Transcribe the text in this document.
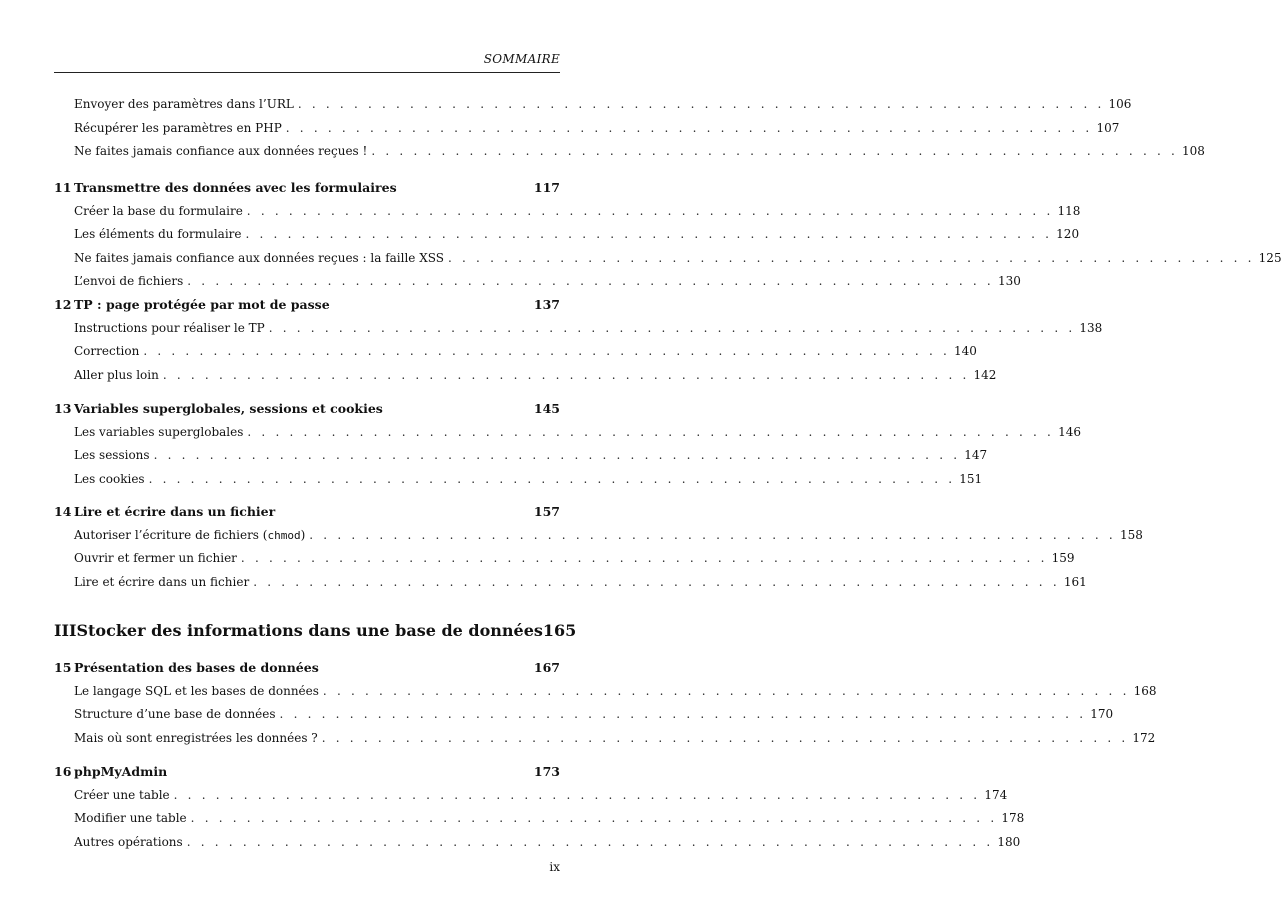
SOMMAIRE
Envoyer des paramètres dans l’URL . . . . . . . . . . . . . . . . . . . . . . . . . . . . . . . . . . . . . . . . . . . . . . . . . . . . . . . . . . 106
Récupérer les paramètres en PHP . . . . . . . . . . . . . . . . . . . . . . . . . . . . . . . . . . . . . . . . . . . . . . . . . . . . . . . . . . 107
Ne faites jamais confiance aux données reçues ! . . . . . . . . . . . . . . . . . . . . . . . . . . . . . . . . . . . . . . . . . . . . . . . . . . . . . . . . . . 108
11 Transmettre des données avec les formulaires	117
Créer la base du formulaire . . . . . . . . . . . . . . . . . . . . . . . . . . . . . . . . . . . . . . . . . . . . . . . . . . . . . . . . . . 118
Les éléments du formulaire . . . . . . . . . . . . . . . . . . . . . . . . . . . . . . . . . . . . . . . . . . . . . . . . . . . . . . . . . . 120
Ne faites jamais confiance aux données reçues : la faille XSS . . . . . . . . . . . . . . . . . . . . . . . . . . . . . . . . . . . . . . . . . . . . . . . . . . . . . . . . . . 125
L’envoi de fichiers . . . . . . . . . . . . . . . . . . . . . . . . . . . . . . . . . . . . . . . . . . . . . . . . . . . . . . . . . . 130
12 TP : page protégée par mot de passe	137
Instructions pour réaliser le TP . . . . . . . . . . . . . . . . . . . . . . . . . . . . . . . . . . . . . . . . . . . . . . . . . . . . . . . . . . 138
Correction . . . . . . . . . . . . . . . . . . . . . . . . . . . . . . . . . . . . . . . . . . . . . . . . . . . . . . . . . . 140
Aller plus loin . . . . . . . . . . . . . . . . . . . . . . . . . . . . . . . . . . . . . . . . . . . . . . . . . . . . . . . . . . 142
13 Variables superglobales, sessions et cookies	145
Les variables superglobales . . . . . . . . . . . . . . . . . . . . . . . . . . . . . . . . . . . . . . . . . . . . . . . . . . . . . . . . . . 146
Les sessions . . . . . . . . . . . . . . . . . . . . . . . . . . . . . . . . . . . . . . . . . . . . . . . . . . . . . . . . . . 147
Les cookies . . . . . . . . . . . . . . . . . . . . . . . . . . . . . . . . . . . . . . . . . . . . . . . . . . . . . . . . . . 151
14 Lire et écrire dans un fichier	157
Autoriser l’écriture de fichiers (chmod) . . . . . . . . . . . . . . . . . . . . . . . . . . . . . . . . . . . . . . . . . . . . . . . . . . . . . . . . . . 158
Ouvrir et fermer un fichier . . . . . . . . . . . . . . . . . . . . . . . . . . . . . . . . . . . . . . . . . . . . . . . . . . . . . . . . . . 159
Lire et écrire dans un fichier . . . . . . . . . . . . . . . . . . . . . . . . . . . . . . . . . . . . . . . . . . . . . . . . . . . . . . . . . . 161
III Stocker des informations dans une base de données 165
15 Présentation des bases de données	167
Le langage SQL et les bases de données . . . . . . . . . . . . . . . . . . . . . . . . . . . . . . . . . . . . . . . . . . . . . . . . . . . . . . . . . . 168
Structure d’une base de données . . . . . . . . . . . . . . . . . . . . . . . . . . . . . . . . . . . . . . . . . . . . . . . . . . . . . . . . . . 170
Mais où sont enregistrées les données ? . . . . . . . . . . . . . . . . . . . . . . . . . . . . . . . . . . . . . . . . . . . . . . . . . . . . . . . . . . 172
16 phpMyAdmin	173
Créer une table . . . . . . . . . . . . . . . . . . . . . . . . . . . . . . . . . . . . . . . . . . . . . . . . . . . . . . . . . . 174
Modifier une table . . . . . . . . . . . . . . . . . . . . . . . . . . . . . . . . . . . . . . . . . . . . . . . . . . . . . . . . . . 178
Autres opérations . . . . . . . . . . . . . . . . . . . . . . . . . . . . . . . . . . . . . . . . . . . . . . . . . . . . . . . . . . 180
ix
